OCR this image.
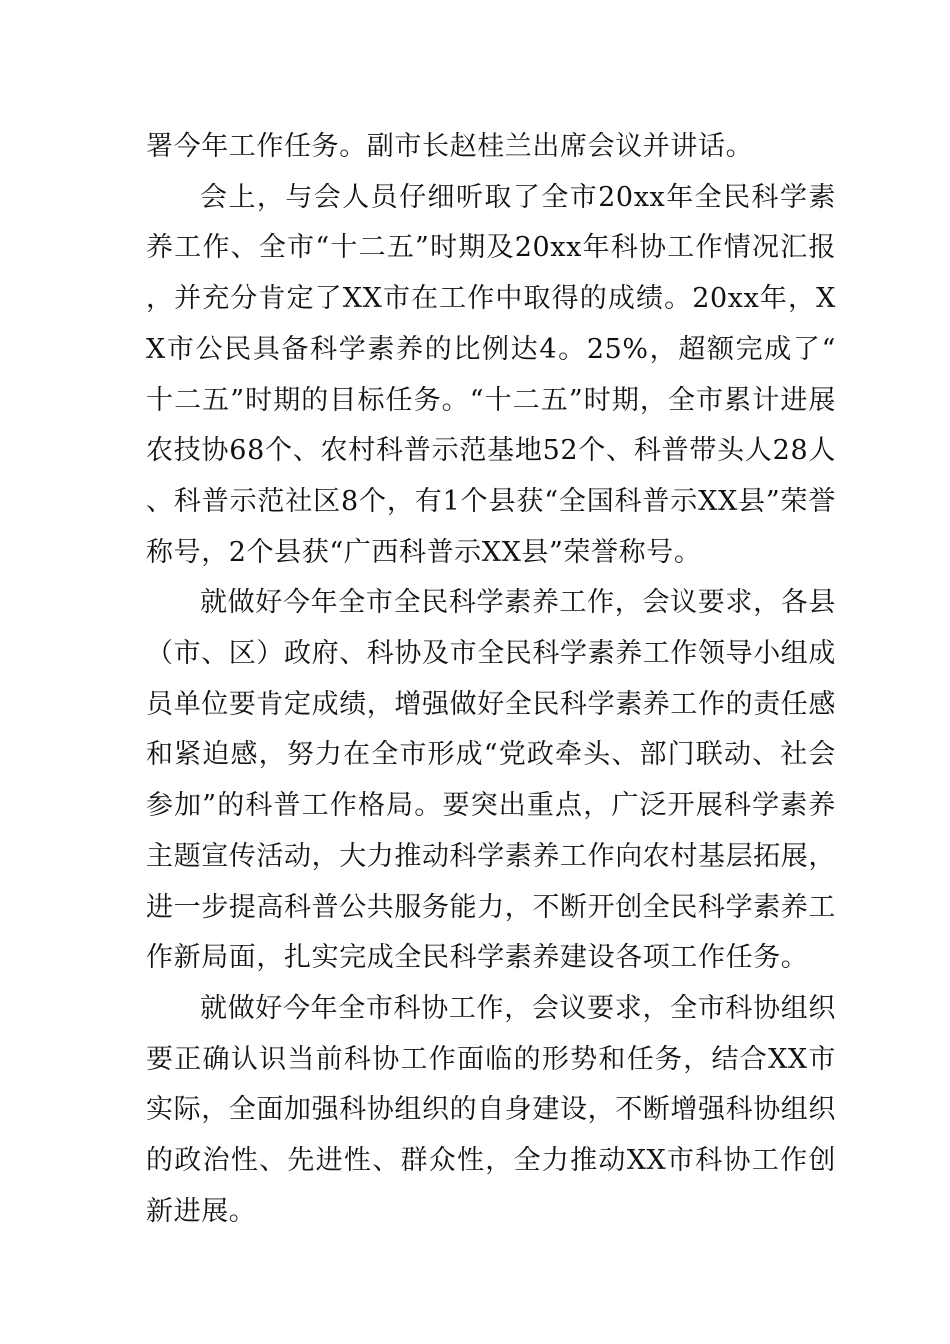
署今年工作任务。副市长赵桂兰出席会议并讲话。

会上，与会人员仔细听取了全市20xx年全民科学素养工作、全市“十二五”时期及20xx年科协工作情况汇报，并充分肯定了XX市在工作中取得的成绩。20xx年，XX市公民具备科学素养的比例达4。25%，超额完成了“十二五”时期的目标任务。“十二五”时期，全市累计进展农技协68个、农村科普示范基地52个、科普带头人28人、科普示范社区8个，有1个县获“全国科普示XX县”荣誉称号，2个县获“广西科普示XX县”荣誉称号。

就做好今年全市全民科学素养工作，会议要求，各县（市、区）政府、科协及市全民科学素养工作领导小组成员单位要肯定成绩，增强做好全民科学素养工作的责任感和紧迫感，努力在全市形成“党政牵头、部门联动、社会参加”的科普工作格局。要突出重点，广泛开展科学素养主题宣传活动，大力推动科学素养工作向农村基层拓展，进一步提高科普公共服务能力，不断开创全民科学素养工作新局面，扎实完成全民科学素养建设各项工作任务。

就做好今年全市科协工作，会议要求，全市科协组织要正确认识当前科协工作面临的形势和任务，结合XX市实际，全面加强科协组织的自身建设，不断增强科协组织的政治性、先进性、群众性，全力推动XX市科协工作创新进展。
